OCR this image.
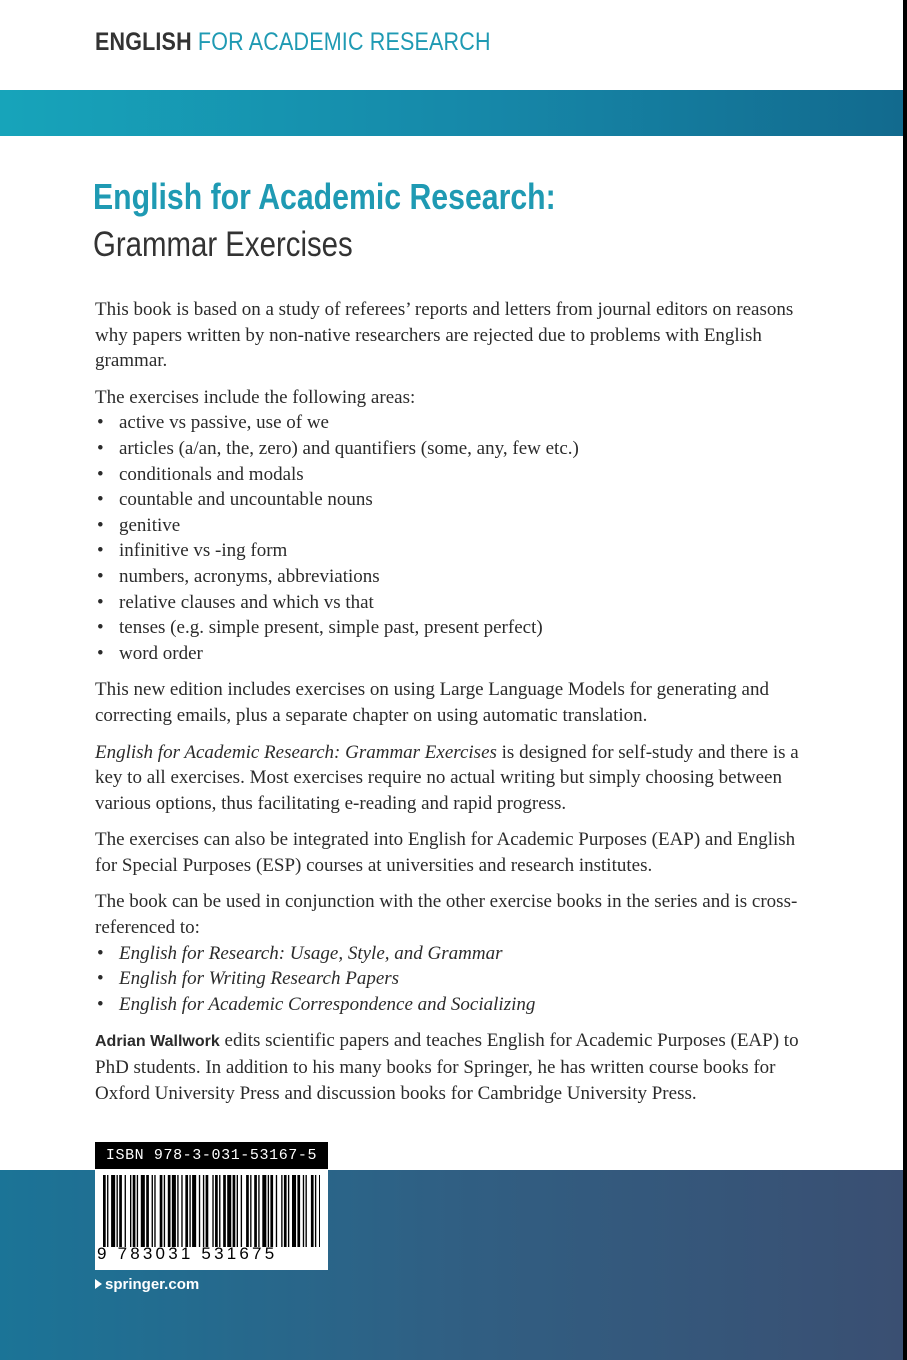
ENGLISH FOR ACADEMIC RESEARCH
English for Academic Research:
Grammar Exercises

This book is based on a study of referees’ reports and letters from journal editors on reasons why papers written by non-native researchers are rejected due to problems with English grammar.

The exercises include the following areas:
• active vs passive, use of we
• articles (a/an, the, zero) and quantifiers (some, any, few etc.)
• conditionals and modals
• countable and uncountable nouns
• genitive
• infinitive vs -ing form
• numbers, acronyms, abbreviations
• relative clauses and which vs that
• tenses (e.g. simple present, simple past, present perfect)
• word order

This new edition includes exercises on using Large Language Models for generating and correcting emails, plus a separate chapter on using automatic translation.

English for Academic Research: Grammar Exercises is designed for self-study and there is a key to all exercises. Most exercises require no actual writing but simply choosing between various options, thus facilitating e-reading and rapid progress.

The exercises can also be integrated into English for Academic Purposes (EAP) and English for Special Purposes (ESP) courses at universities and research institutes.

The book can be used in conjunction with the other exercise books in the series and is cross-referenced to:
• English for Research: Usage, Style, and Grammar
• English for Writing Research Papers
• English for Academic Correspondence and Socializing

Adrian Wallwork edits scientific papers and teaches English for Academic Purposes (EAP) to PhD students. In addition to his many books for Springer, he has written course books for Oxford University Press and discussion books for Cambridge University Press.

ISBN 978-3-031-53167-5
9 783031 531675
springer.com
